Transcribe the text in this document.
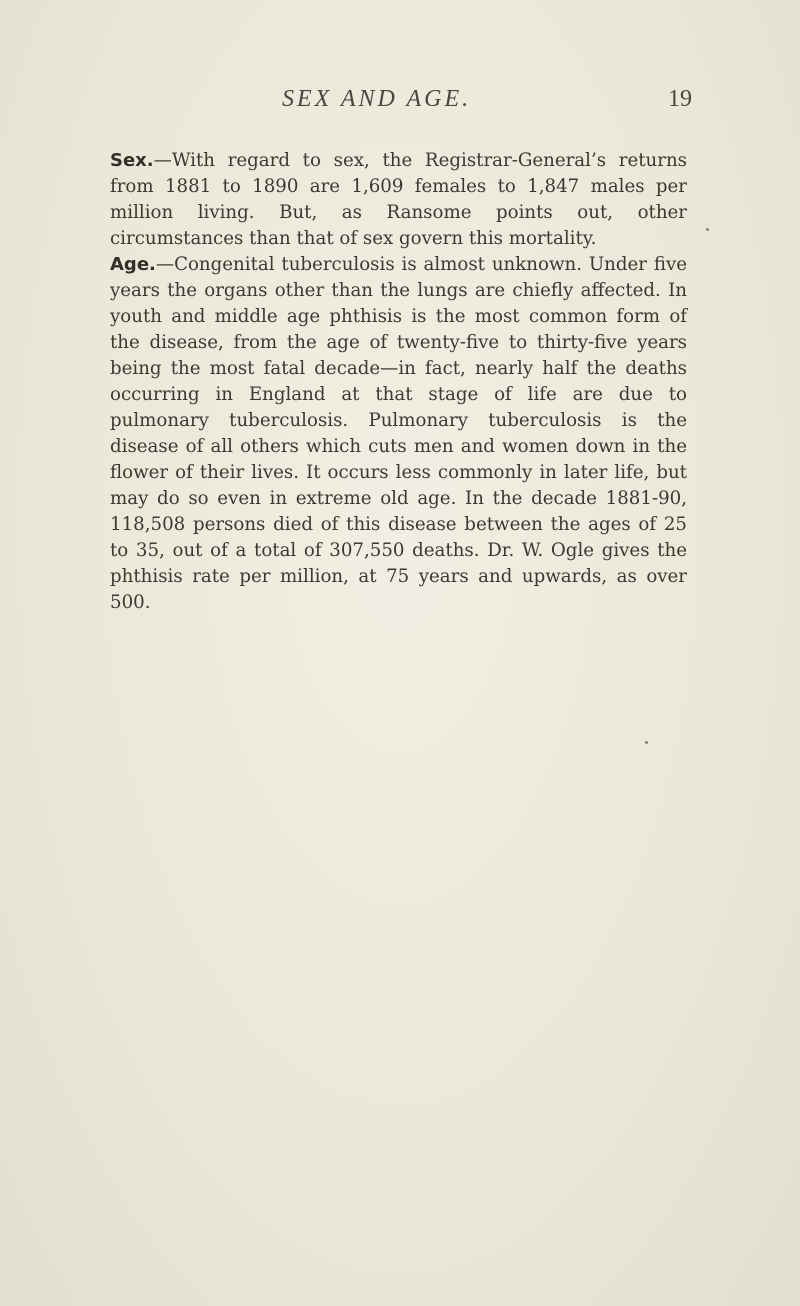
SEX AND AGE.	19

Sex.—With regard to sex, the Registrar-General’s returns from 1881 to 1890 are 1,609 females to 1,847 males per million living. But, as Ransome points out, other circumstances than that of sex govern this mortality.

Age.—Congenital tuberculosis is almost unknown. Under five years the organs other than the lungs are chiefly affected. In youth and middle age phthisis is the most common form of the disease, from the age of twenty-five to thirty-five years being the most fatal decade—in fact, nearly half the deaths occurring in England at that stage of life are due to pulmonary tuberculosis. Pulmonary tuberculosis is the disease of all others which cuts men and women down in the flower of their lives. It occurs less commonly in later life, but may do so even in extreme old age. In the decade 1881-90, 118,508 persons died of this disease between the ages of 25 to 35, out of a total of 307,550 deaths. Dr. W. Ogle gives the phthisis rate per million, at 75 years and upwards, as over 500.
